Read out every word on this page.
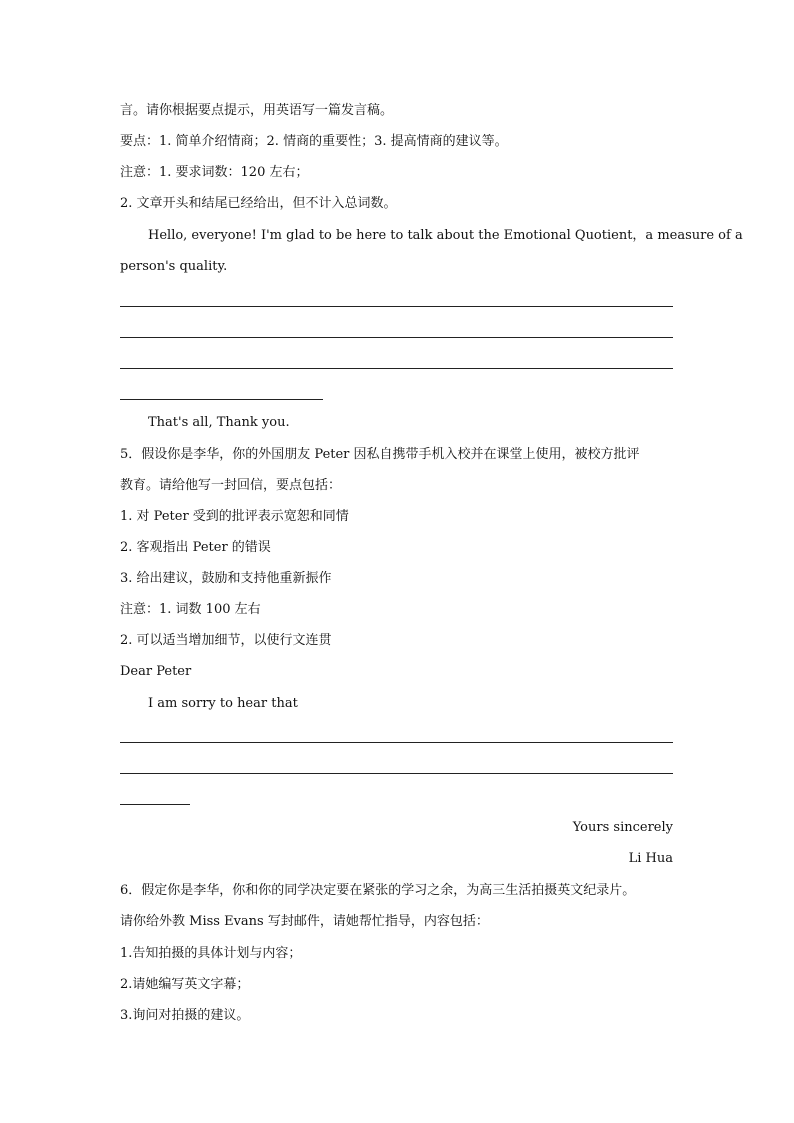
言。请你根据要点提示，用英语写一篇发言稿。
要点：1. 简单介绍情商；2. 情商的重要性；3. 提高情商的建议等。
注意：1. 要求词数：120 左右；
2. 文章开头和结尾已经给出，但不计入总词数。
Hello, everyone! I'm glad to be here to talk about the Emotional Quotient，a measure of a
person's quality.
That's all, Thank you.
5．假设你是李华，你的外国朋友 Peter 因私自携带手机入校并在课堂上使用，被校方批评
教育。请给他写一封回信，要点包括：
1. 对 Peter 受到的批评表示宽恕和同情
2. 客观指出 Peter 的错误
3. 给出建议，鼓励和支持他重新振作
注意：1. 词数 100 左右
2. 可以适当增加细节，以使行文连贯
Dear Peter
I am sorry to hear that
Yours sincerely
Li Hua
6．假定你是李华，你和你的同学决定要在紧张的学习之余，为高三生活拍摄英文纪录片。
请你给外教 Miss Evans 写封邮件，请她帮忙指导，内容包括：
1.告知拍摄的具体计划与内容；
2.请她编写英文字幕；
3.询问对拍摄的建议。
